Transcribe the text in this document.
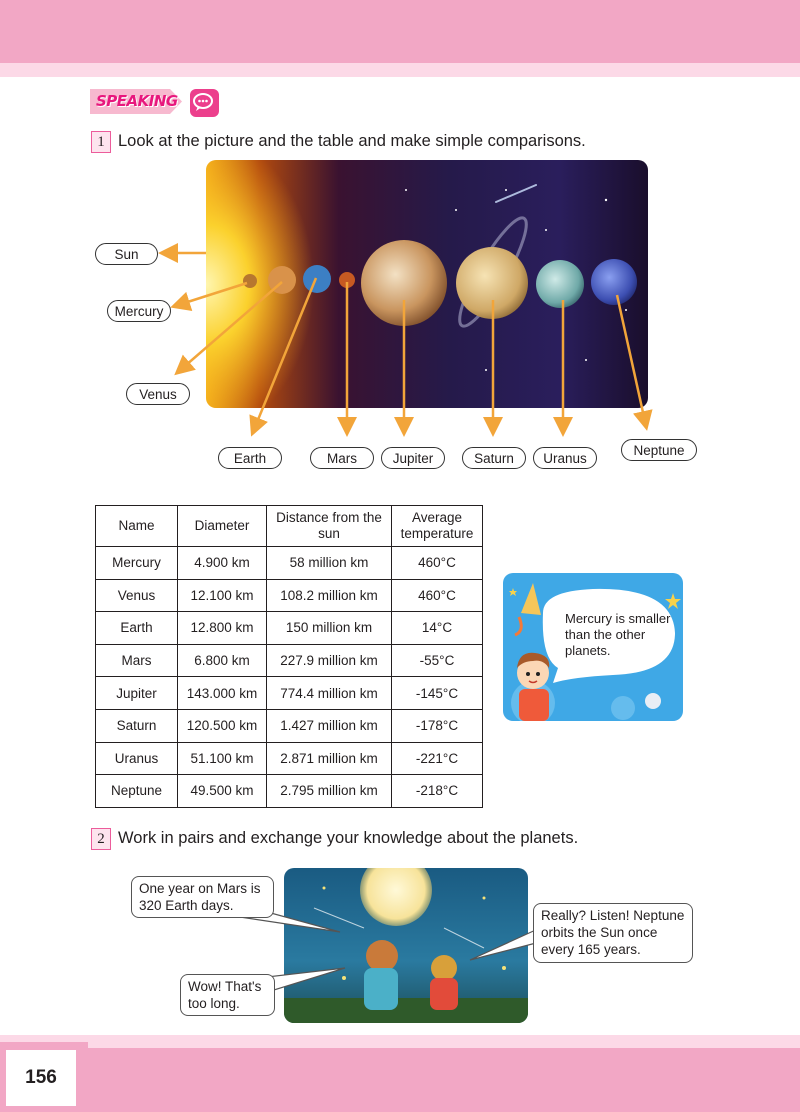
SPEAKING
1 Look at the picture and the table and make simple comparisons.
Sun
Mercury
Venus
Earth	Mars	Jupiter	Saturn	Uranus
Neptune
Name	Diameter	Distance from the sun	Average temperature
Mercury	4.900 km	58 million km	460°C
Venus	12.100 km	108.2 million km	460°C
Earth	12.800 km	150 million km	14°C
Mars	6.800 km	227.9 million km	-55°C
Jupiter	143.000 km	774.4 million km	-145°C
Saturn	120.500 km	1.427 million km	-178°C
Uranus	51.100 km	2.871 million km	-221°C
Neptune	49.500 km	2.795 million km	-218°C
Mercury is smaller than the other planets.
2 Work in pairs and exchange your knowledge about the planets.
One year on Mars is 320 Earth days.
Wow! That's too long.
Really? Listen! Neptune orbits the Sun once every 165 years.
156
